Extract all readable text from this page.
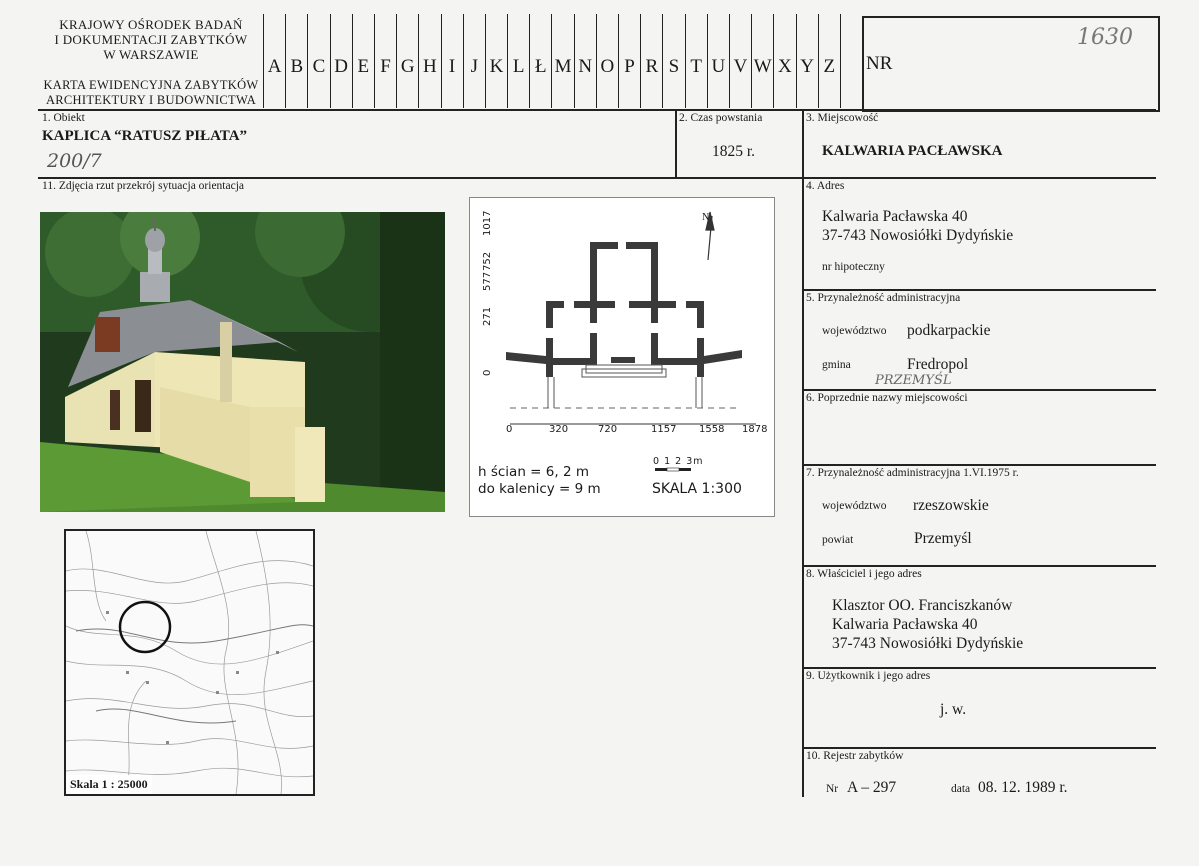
KRAJOWY OŚRODEK BADAŃ
I DOKUMENTACJI ZABYTKÓW
W WARSZAWIE
KARTA EWIDENCYJNA ZABYTKÓW
ARCHITEKTURY I BUDOWNICTWA
A B C D E F G H I J K L Ł M N O P R S T U V W X Y Z NR
1630
1. Obiekt
KAPLICA “RATUSZ PIŁATA”
200/7
2. Czas powstania
1825 r.
3. Miejscowość
KALWARIA PACŁAWSKA
11. Zdjęcia rzut przekrój sytuacja orientacja	4. Adres
Kalwaria Pacławska 40
37-743 Nowosiółki Dydyńskie
nr hipoteczny
5. Przynależność administracyjna
województwo podkarpackie
gmina	Fredropol
PRZEMYŚL
6. Poprzednie nazwy miejscowości
7. Przynależność administracyjna 1.VI.1975 r.
województwo rzeszowskie
powiat	Przemyśl
8. Właściciel i jego adres
Klasztor OO. Franciszkanów
Kalwaria Pacławska 40
37-743 Nowosiółki Dydyńskie
9. Użytkownik i jego adres
j. w.
10. Rejestr zabytków
Nr A – 297	data 08. 12. 1989 r.
0
271
577
752
1017
0	320	720	1157 1558 1878
N
h ścian = 6, 2 m
do kalenicy = 9 m
0 1 2 3m
SKALA 1:300
Skala 1 : 25000
